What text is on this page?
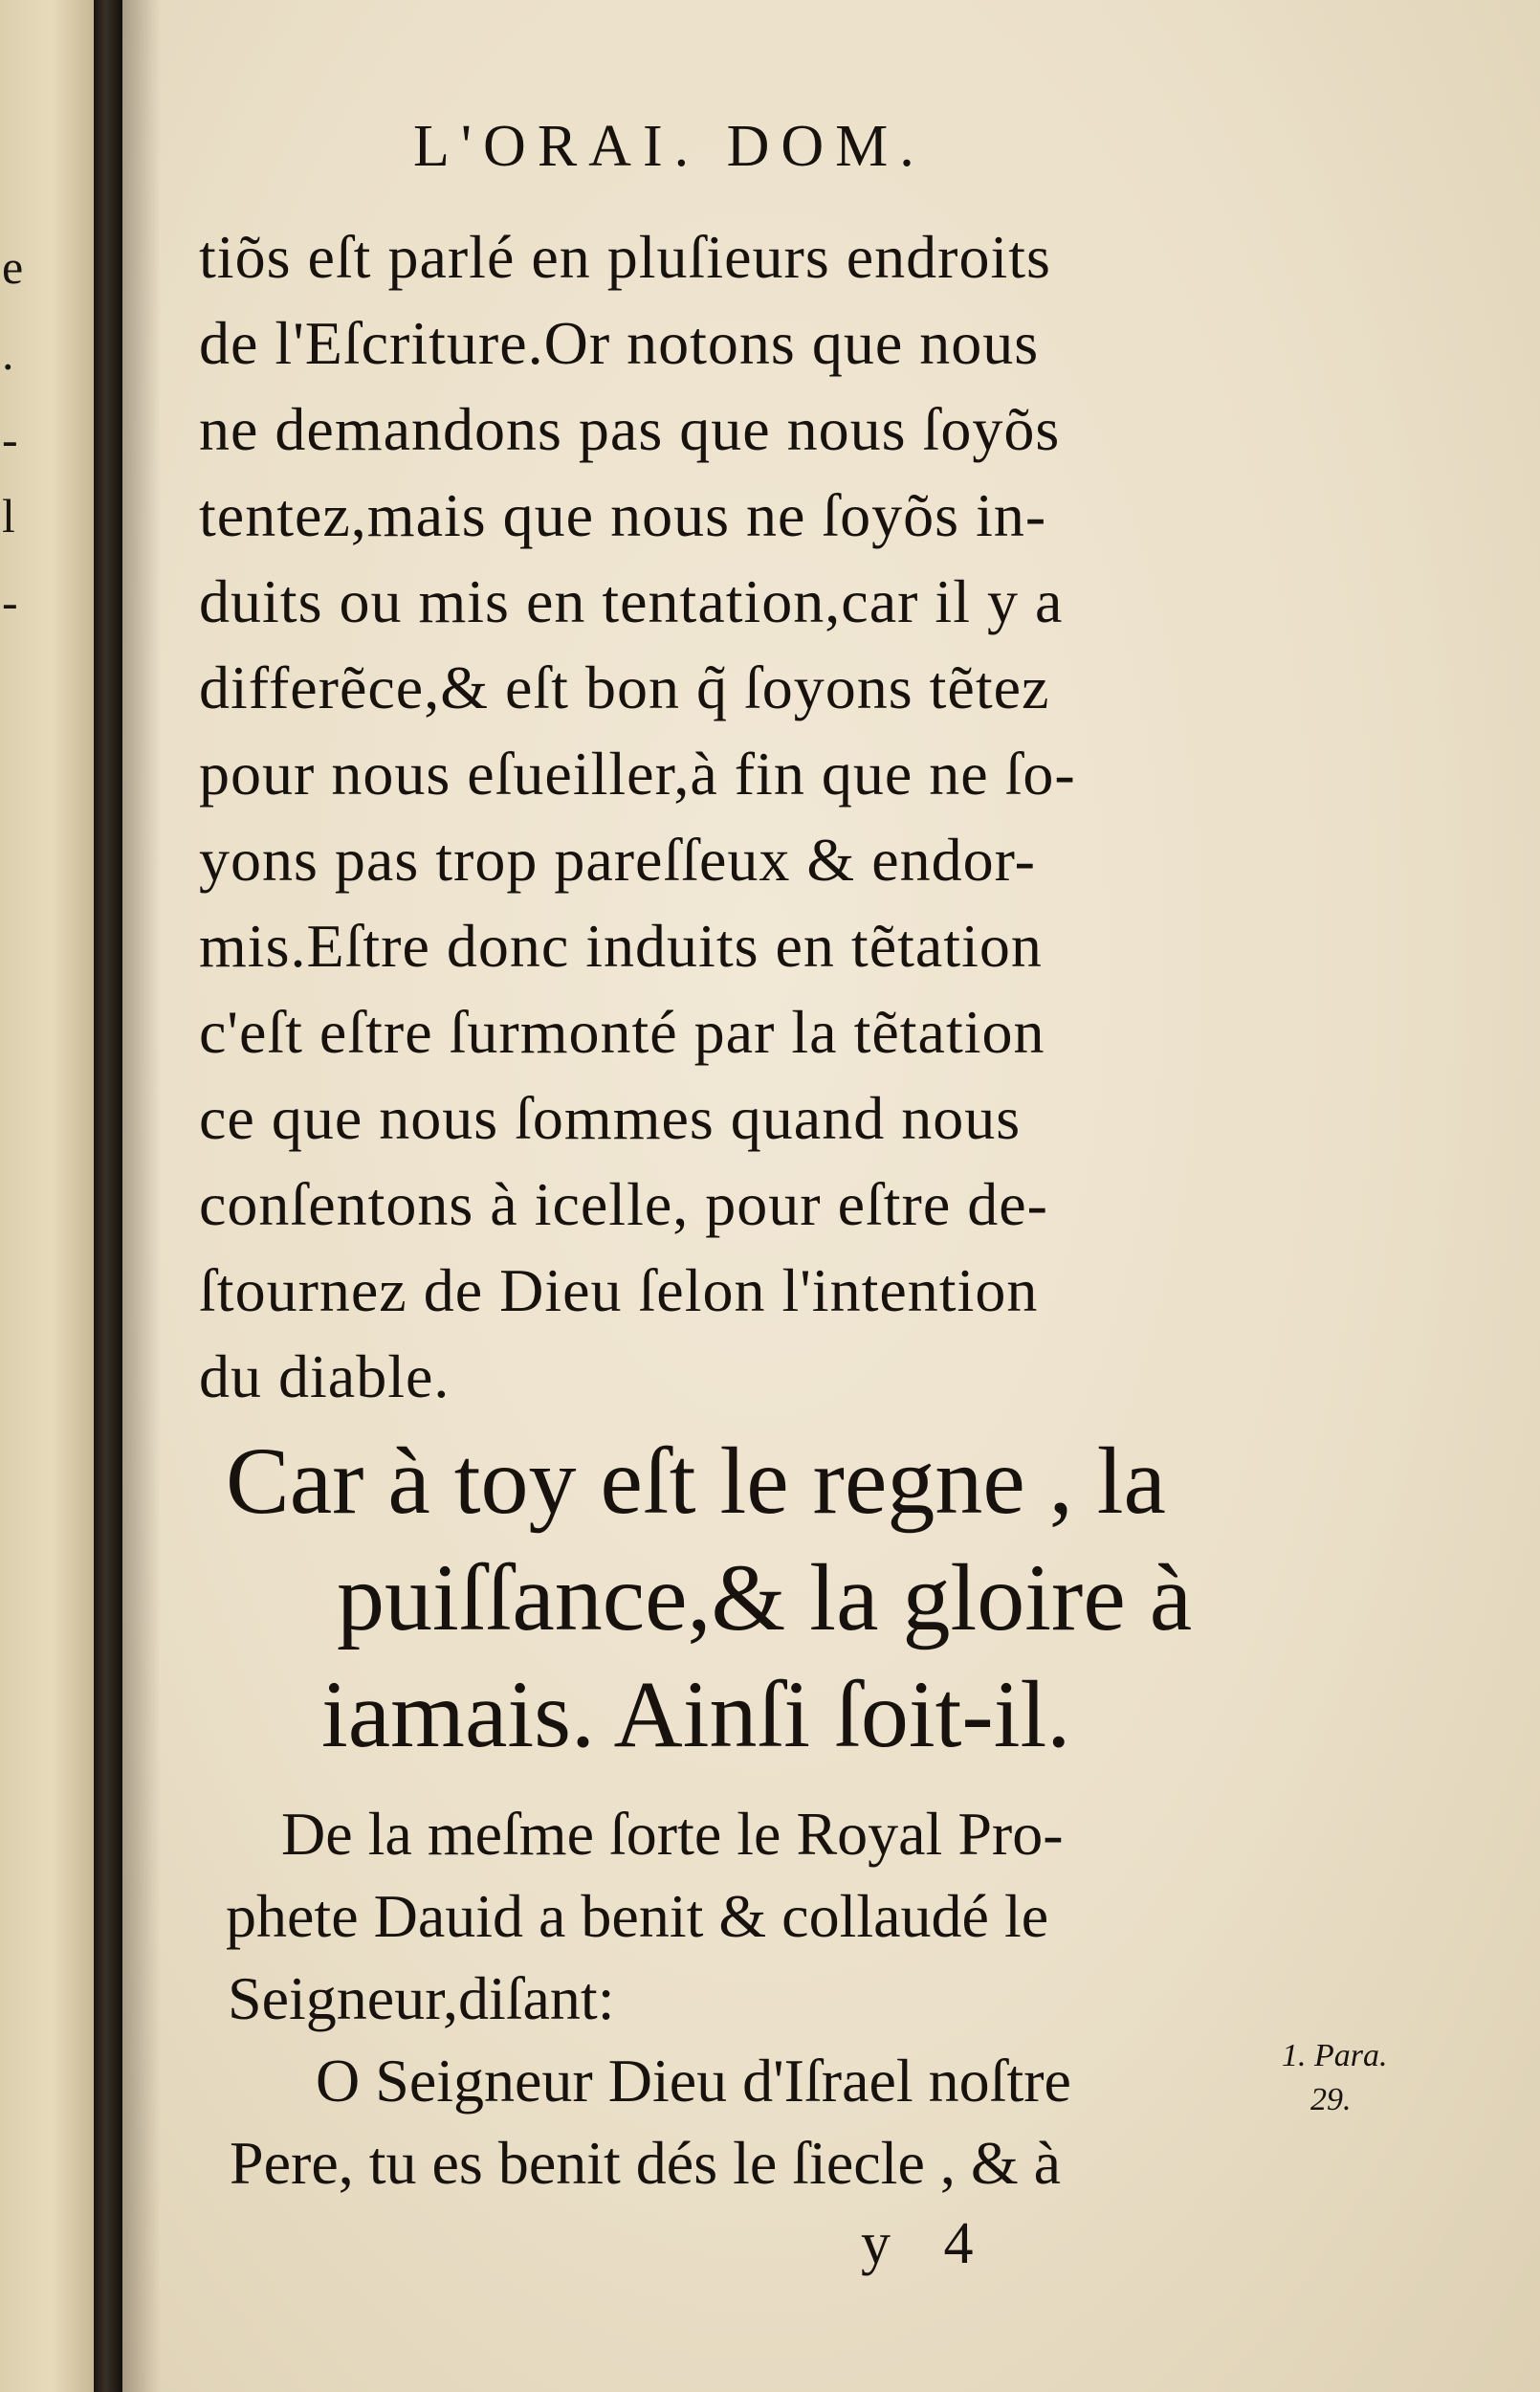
e
.
-
l
-
L'ORAI. DOM.
tiõs eſt parlé en pluſieurs endroits
de l'Eſcriture.Or notons que nous
ne demandons pas que nous ſoyõs
tentez,mais que nous ne ſoyõs in-
duits ou mis en tentation,car il y a
differẽce,& eſt bon q̃ ſoyons tẽtez
pour nous eſueiller,à fin que ne ſo-
yons pas trop pareſſeux & endor-
mis.Eſtre donc induits en tẽtation
c'eſt eſtre ſurmonté par la tẽtation
ce que nous ſommes quand nous
conſentons à icelle, pour eſtre de-
ſtournez de Dieu ſelon l'intention
du diable.
Car à toy eſt le regne , la
puiſſance,& la gloire à
iamais. Ainſi ſoit-il.
De la meſme ſorte le Royal Pro-
phete Dauid a benit & collaudé le
Seigneur,diſant:
O Seigneur Dieu d'Iſrael noſtre
Pere, tu es benit dés le ſiecle , & à
1. Para.
29.
y 4
